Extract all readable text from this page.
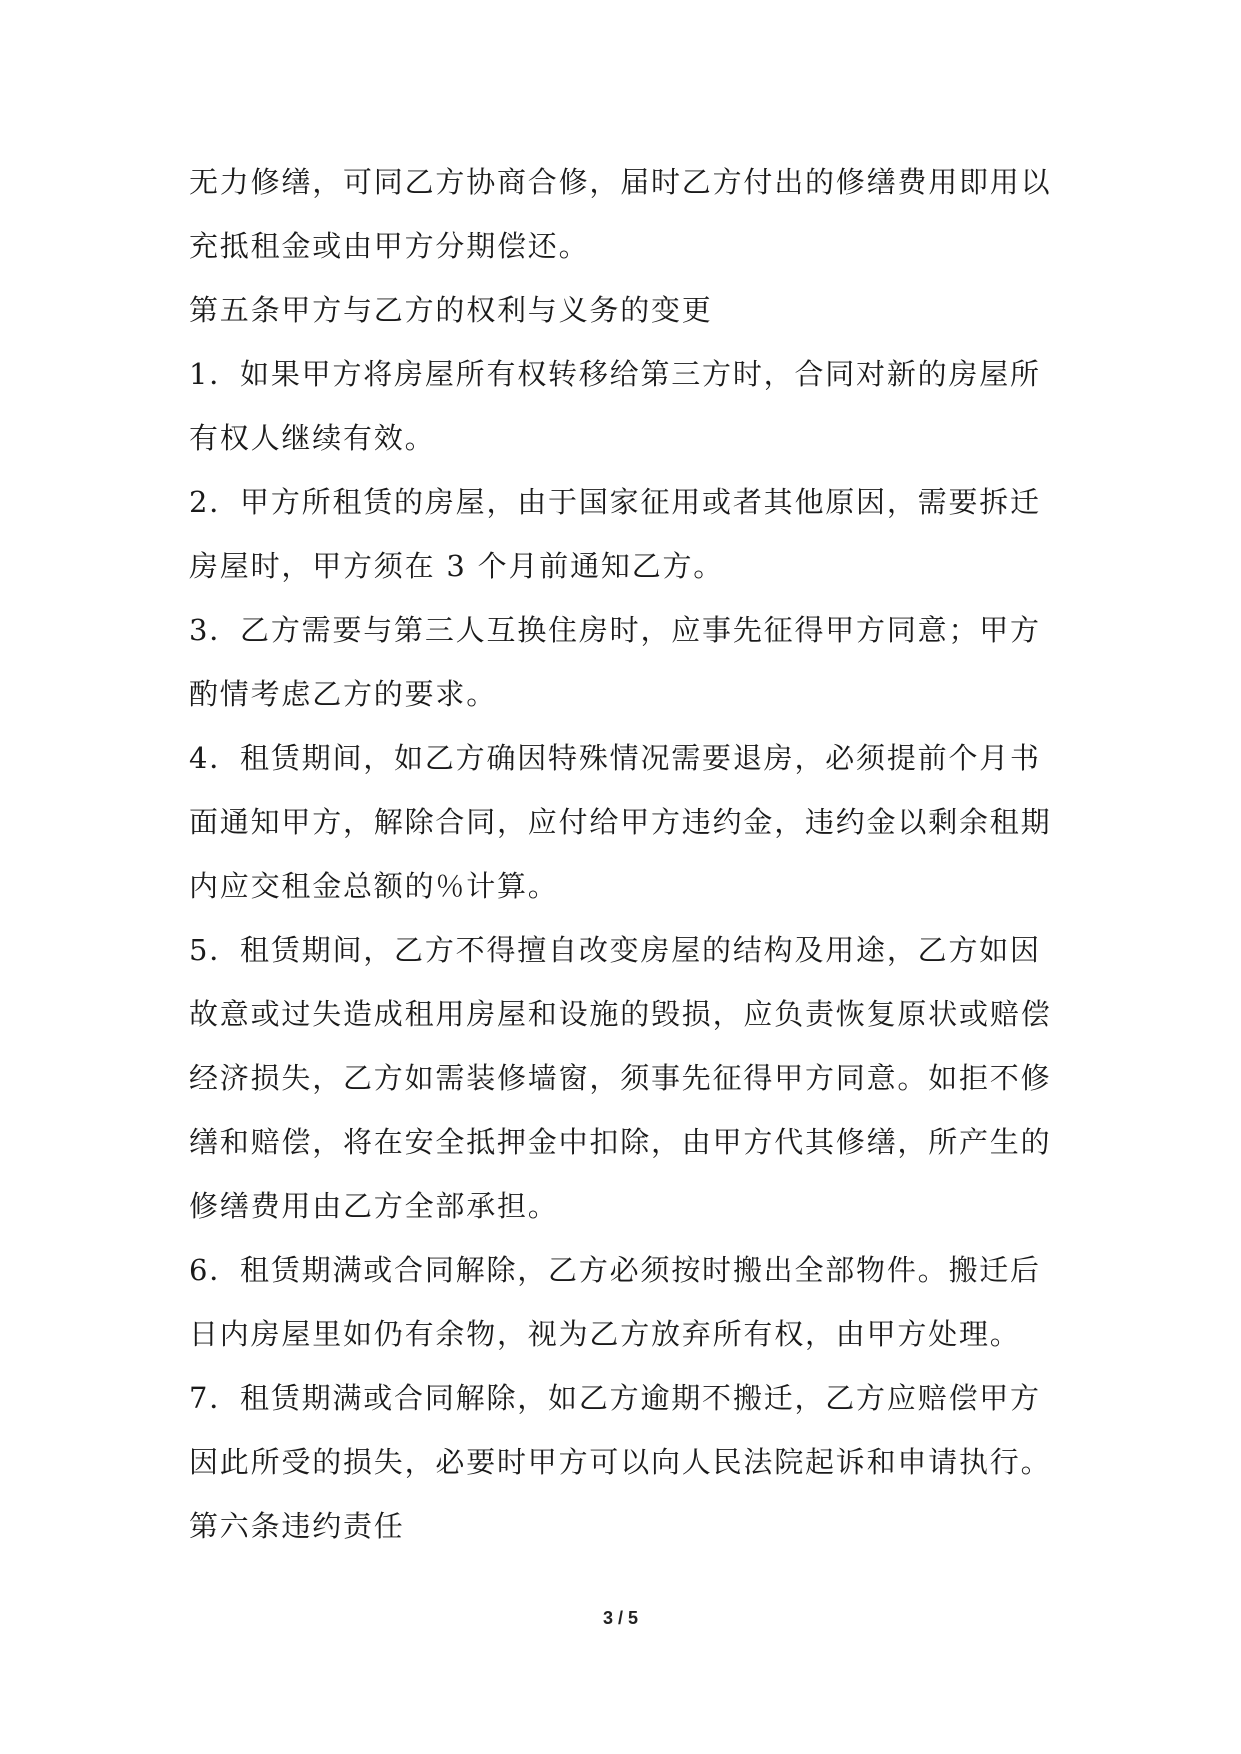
无力修缮，可同乙方协商合修，届时乙方付出的修缮费用即用以
充抵租金或由甲方分期偿还。
第五条甲方与乙方的权利与义务的变更
1．如果甲方将房屋所有权转移给第三方时，合同对新的房屋所
有权人继续有效。
2．甲方所租赁的房屋，由于国家征用或者其他原因，需要拆迁
房屋时，甲方须在 3 个月前通知乙方。
3．乙方需要与第三人互换住房时，应事先征得甲方同意；甲方
酌情考虑乙方的要求。
4．租赁期间，如乙方确因特殊情况需要退房，必须提前个月书
面通知甲方，解除合同，应付给甲方违约金，违约金以剩余租期
内应交租金总额的％计算。
5．租赁期间，乙方不得擅自改变房屋的结构及用途，乙方如因
故意或过失造成租用房屋和设施的毁损，应负责恢复原状或赔偿
经济损失，乙方如需装修墙窗，须事先征得甲方同意。如拒不修
缮和赔偿，将在安全抵押金中扣除，由甲方代其修缮，所产生的
修缮费用由乙方全部承担。
6．租赁期满或合同解除，乙方必须按时搬出全部物件。搬迁后
日内房屋里如仍有余物，视为乙方放弃所有权，由甲方处理。
7．租赁期满或合同解除，如乙方逾期不搬迁，乙方应赔偿甲方
因此所受的损失，必要时甲方可以向人民法院起诉和申请执行。
第六条违约责任
3 / 5
